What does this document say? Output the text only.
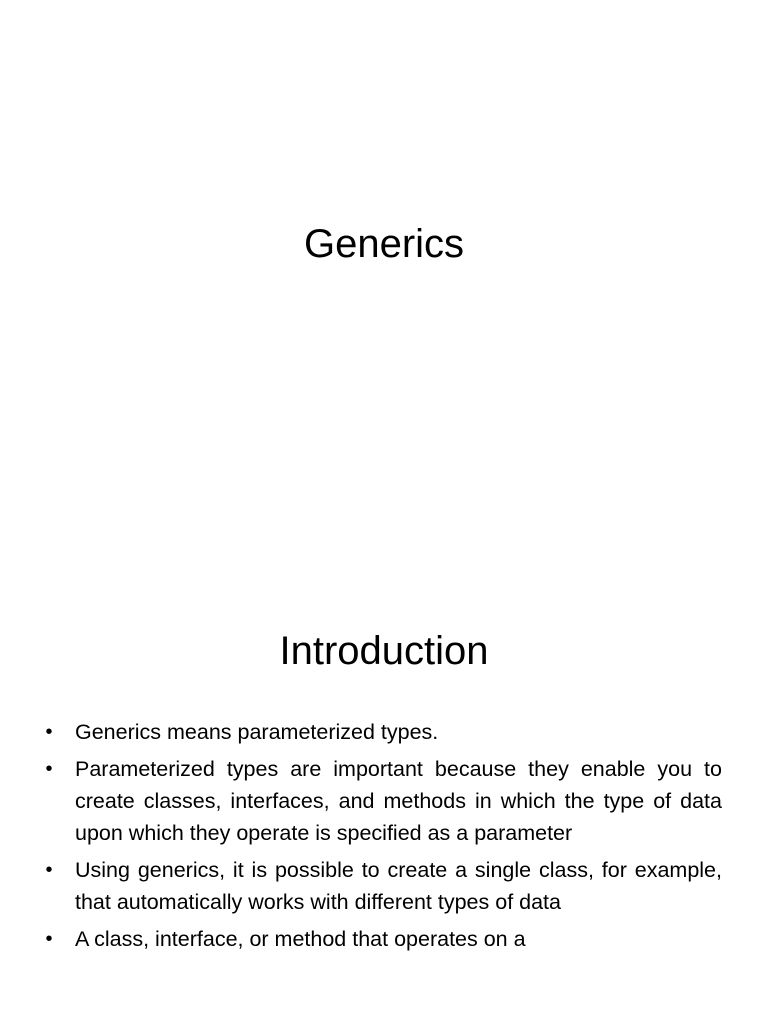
Generics
Introduction
• Generics means parameterized types.
• Parameterized types are important because they enable you to create classes, interfaces, and methods in which the type of data upon which they operate is specified as a parameter
• Using generics, it is possible to create a single class, for example, that automatically works with different types of data
• A class, interface, or method that operates on a
